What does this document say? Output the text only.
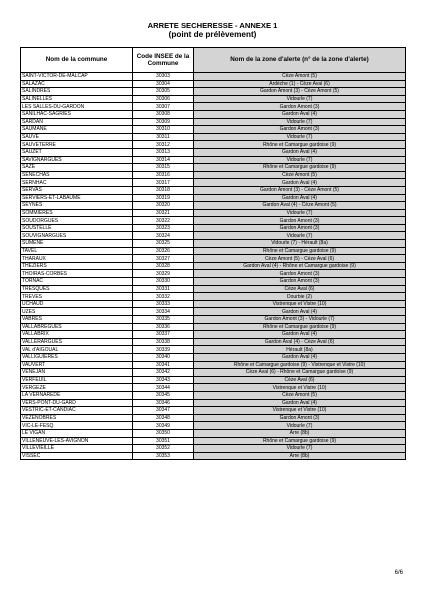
ARRETE SECHERESSE - ANNEXE 1
(point de prélèvement)
Nom de la commune	Code INSEE de la Commune	Nom de la zone d'alerte (n° de la zone d'alerte)
SAINT-VICTOR-DE-MALCAP	30303	Cèze Amont (5)
SALAZAC	30304	Ardèche (1) - Cèze Aval (6)
SALINDRES	30305	Gardon Amont (3) - Cèze Amont (5)
SALINELLES	30306	Vidourle (7)
LES SALLES-DU-GARDON	30307	Gardon Amont (3)
SANILHAC-SAGRIES	30308	Gardon Aval (4)
SARDAN	30309	Vidourle (7)
SAUMANE	30310	Gardon Amont (3)
SAUVE	30311	Vidourle (7)
SAUVETERRE	30312	Rhône et Camargue gardoise (9)
SAUZET	30313	Gardon Aval (4)
SAVIGNARGUES	30314	Vidourle (7)
SAZE	30315	Rhône et Camargue gardoise (9)
SENECHAS	30316	Cèze Amont (5)
SERNHAC	30317	Gardon Aval (4)
SERVAS	30318	Gardon Amont (3) - Cèze Amont (5)
SERVIERS-ET-LABAUME	30319	Gardon Aval (4)
SEYNES	30320	Gardon Aval (4) - Cèze Amont (5)
SOMMIERES	30321	Vidourle (7)
SOUDORGUES	30322	Gardon Amont (3)
SOUSTELLE	30323	Gardon Amont (3)
SOUVIGNARGUES	30324	Vidourle (7)
SUMENE	30325	Vidourle (7) - Hérault (8a)
TAVEL	30326	Rhône et Camargue gardoise (9)
THARAUX	30327	Cèze Amont (5) - Cèze Aval (6)
THEZIERS	30328	Gardon Aval (4) - Rhône et Camargue gardoise (9)
THOIRAS-CORBES	30329	Gardon Amont (3)
TORNAC	30330	Gardon Amont (3)
TRESQUES	30331	Cèze Aval (6)
TREVES	30332	Dourbie (2)
UCHAUD	30333	Vistrenque et Vistre (10)
UZES	30334	Gardon Aval (4)
VABRES	30335	Gardon Amont (3) - Vidourle (7)
VALLABREGUES	30336	Rhône et Camargue gardoise (9)
VALLABRIX	30337	Gardon Aval (4)
VALLERARGUES	30338	Gardon Aval (4) - Cèze Aval (6)
VAL d'AIGOUAL	30339	Hérault (8a)
VALLIGUIERES	30340	Gardon Aval (4)
VAUVERT	30341	Rhône et Camargue gardoise (9) - Vistrenque et Vistre (10)
VENEJAN	30342	Cèze Aval (6) - Rhône et Camargue gardoise (9)
VERFEUIL	30343	Cèze Aval (6)
VERGEZE	30344	Vistrenque et Vistre (10)
LA VERNAREDE	30345	Cèze Amont (5)
VERS-PONT-DU-GARD	30346	Gardon Aval (4)
VESTRIC-ET-CANDIAC	30347	Vistrenque et Vistre (10)
VEZENOBRES	30348	Gardon Amont (3)
VIC-LE-FESQ	30349	Vidourle (7)
LE VIGAN	30350	Arre (8b)
VILLENEUVE-LES-AVIGNON	30351	Rhône et Camargue gardoise (9)
VILLEVIEILLE	30352	Vidourle (7)
VISSEC	30353	Arre (8b)
6/6
